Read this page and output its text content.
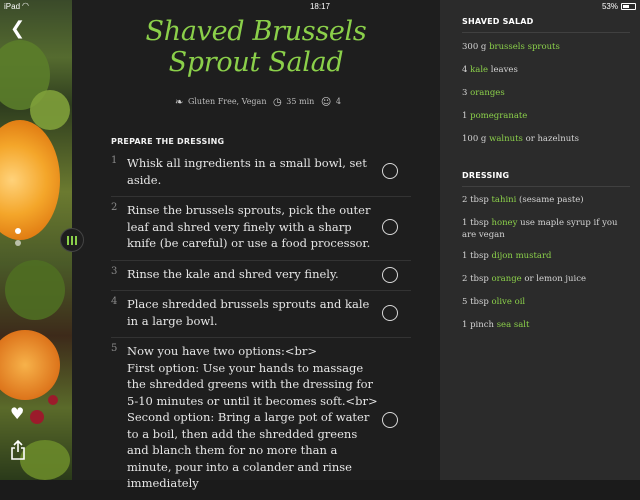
iPad ◠	18:17	53%
❮
♥
Shaved Brussels
Sprout Salad
❧ Gluten Free, Vegan ◷ 35 min ☺ 4
PREPARE THE DRESSING
1 Whisk all ingredients in a small bowl, set aside.
2 Rinse the brussels sprouts, pick the outer leaf and shred very finely with a sharp knife (be careful) or use a food processor.
3 Rinse the kale and shred very finely.
4 Place shredded brussels sprouts and kale in a large bowl.
5 Now you have two options:<br>
First option: Use your hands to massage the shredded greens with the dressing for 5-10 minutes or until it becomes soft.<br>
Second option: Bring a large pot of water to a boil, then add the shredded greens and blanch them for no more than a minute, pour into a colander and rinse immediately
SHAVED SALAD
300 g brussels sprouts
4 kale leaves
3 oranges
1 pomegranate
100 g walnuts or hazelnuts
DRESSING
2 tbsp tahini (sesame paste)
1 tbsp honey use maple syrup if you are vegan
1 tbsp dijon mustard
2 tbsp orange or lemon juice
5 tbsp olive oil
1 pinch sea salt
